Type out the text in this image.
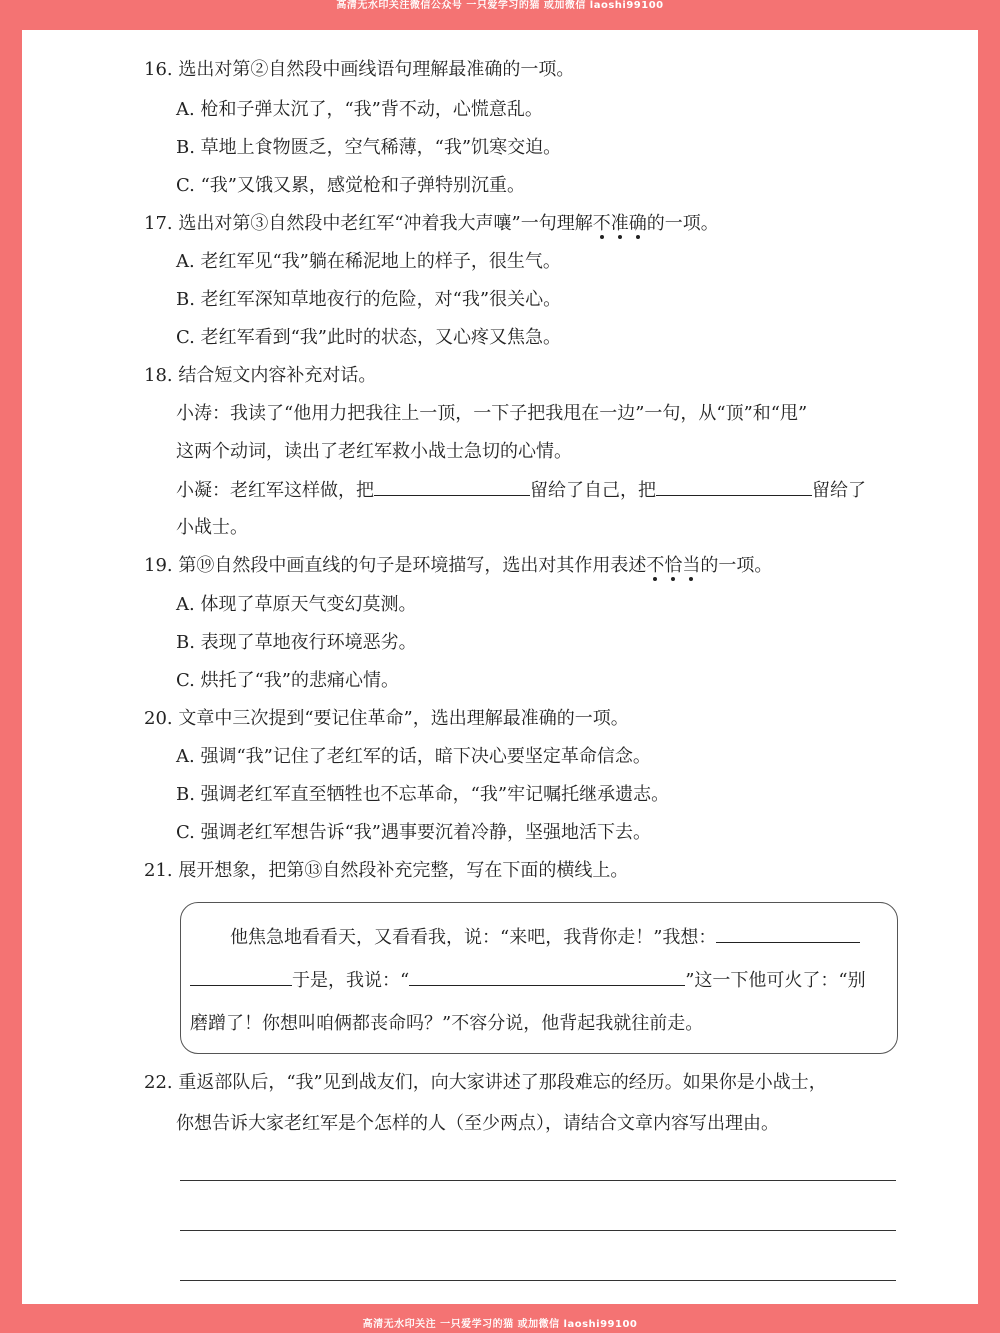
高清无水印关注微信公众号 一只爱学习的猫 或加微信 laoshi99100
16. 选出对第②自然段中画线语句理解最准确的一项。
A. 枪和子弹太沉了，“我”背不动，心慌意乱。
B. 草地上食物匮乏，空气稀薄，“我”饥寒交迫。
C. “我”又饿又累，感觉枪和子弹特别沉重。
17. 选出对第③自然段中老红军“冲着我大声嚷”一句理解不准确
的一项。
A. 老红军见“我”躺在稀泥地上的样子，很生气。
B. 老红军深知草地夜行的危险，对“我”很关心。
C. 老红军看到“我”此时的状态，又心疼又焦急。
18. 结合短文内容补充对话。
小涛：我读了“他用力把我往上一顶，一下子把我甩在一边”一句，从“顶”和“甩”
这两个动词，读出了老红军救小战士急切的心情。
小凝：老红军这样做，把	留给了自己，把	留给了
小战士。
19. 第⑲自然段中画直线的句子是环境描写，选出对其作用表述不恰当
的一项。
A. 体现了草原天气变幻莫测。
B. 表现了草地夜行环境恶劣。
C. 烘托了“我”的悲痛心情。
20. 文章中三次提到“要记住革命”，选出理解最准确的一项。
A. 强调“我”记住了老红军的话，暗下决心要坚定革命信念。
B. 强调老红军直至牺牲也不忘革命，“我”牢记嘱托继承遗志。
C. 强调老红军想告诉“我”遇事要沉着冷静，坚强地活下去。
21. 展开想象，把第⑬自然段补充完整，写在下面的横线上。
他焦急地看看天，又看看我，说：“来吧，我背你走！”我想：
于是，我说：“	”这一下他可火了：“别
磨蹭了！你想叫咱俩都丧命吗？”不容分说，他背起我就往前走。
22. 重返部队后，“我”见到战友们，向大家讲述了那段难忘的经历。如果你是小战士，
你想告诉大家老红军是个怎样的人（至少两点），请结合文章内容写出理由。
高清无水印关注 一只爱学习的猫 或加微信 laoshi99100
